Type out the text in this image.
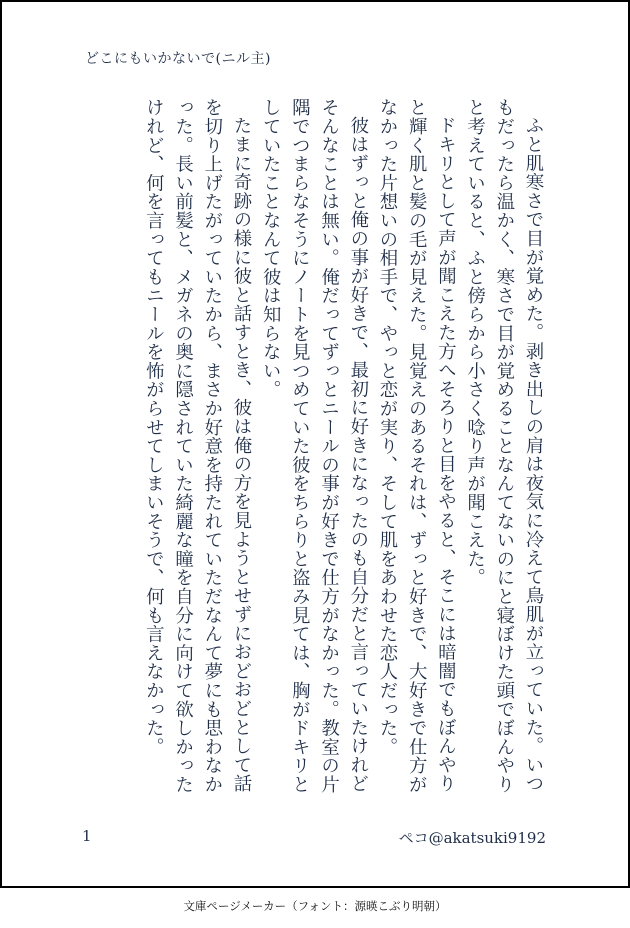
どこにもいかないで(ニル主)

ふと肌寒さで目が覚めた。剥き出しの肩は夜気に冷えて鳥肌が立っていた。いつもだったら温かく、寒さで目が覚めることなんてないのにと寝ぼけた頭でぼんやりと考えていると、ふと傍らから小さく唸り声が聞こえた。

ドキリとして声が聞こえた方へそろりと目をやると、そこには暗闇でもぼんやりと輝く肌と髪の毛が見えた。見覚えのあるそれは、ずっと好きで、大好きで仕方がなかった片想いの相手で、やっと恋が実り、そして肌をあわせた恋人だった。

彼はずっと俺の事が好きで、最初に好きになったのも自分だと言っていたけれどそんなことは無い。俺だってずっとニールの事が好きで仕方がなかった。教室の片隅でつまらなそうにノートを見つめていた彼をちらりと盗み見ては、胸がドキリとしていたことなんて彼は知らない。

たまに奇跡の様に彼と話すとき、彼は俺の方を見ようとせずにおどおどとして話を切り上げたがっていたから、まさか好意を持たれていただなんて夢にも思わなかった。長い前髪と、メガネの奥に隠されていた綺麗な瞳を自分に向けて欲しかったけれど、何を言ってもニールを怖がらせてしまいそうで、何も言えなかった。

1	ペコ@akatsuki9192
文庫ページメーカー（フォント：源暎こぶり明朝）
